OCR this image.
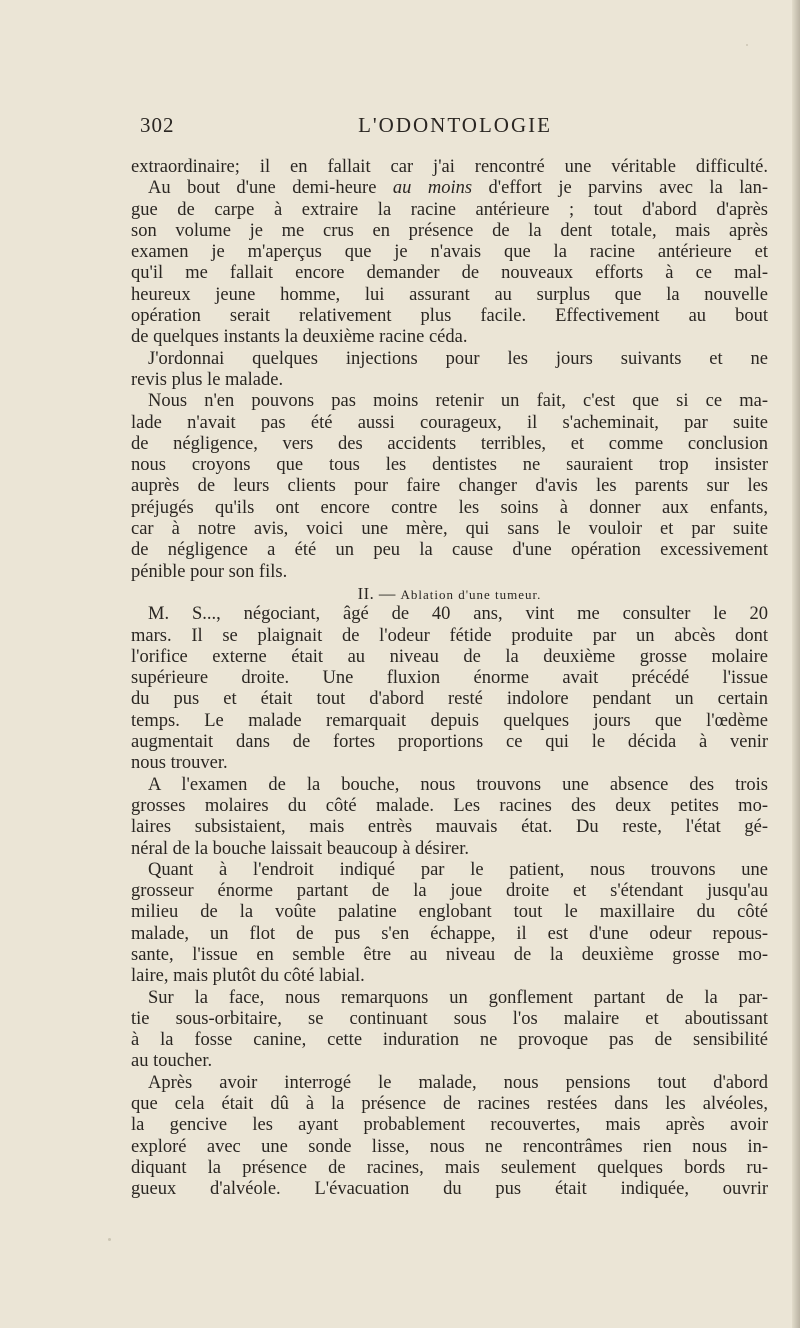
302	L'ODONTOLOGIE
extraordinaire; il en fallait car j'ai rencontré une véritable difficulté.
Au bout d'une demi-heure au moins d'effort je parvins avec la lan-
gue de carpe à extraire la racine antérieure ; tout d'abord d'après
son volume je me crus en présence de la dent totale, mais après
examen je m'aperçus que je n'avais que la racine antérieure et
qu'il me fallait encore demander de nouveaux efforts à ce mal-
heureux jeune homme, lui assurant au surplus que la nouvelle
opération serait relativement plus facile. Effectivement au bout
de quelques instants la deuxième racine céda.
J'ordonnai quelques injections pour les jours suivants et ne
revis plus le malade.
Nous n'en pouvons pas moins retenir un fait, c'est que si ce ma-
lade n'avait pas été aussi courageux, il s'acheminait, par suite
de négligence, vers des accidents terribles, et comme conclusion
nous croyons que tous les dentistes ne sauraient trop insister
auprès de leurs clients pour faire changer d'avis les parents sur les
préjugés qu'ils ont encore contre les soins à donner aux enfants,
car à notre avis, voici une mère, qui sans le vouloir et par suite
de négligence a été un peu la cause d'une opération excessivement
pénible pour son fils.
II. — Ablation d'une tumeur.
M. S..., négociant, âgé de 40 ans, vint me consulter le 20
mars. Il se plaignait de l'odeur fétide produite par un abcès dont
l'orifice externe était au niveau de la deuxième grosse molaire
supérieure droite. Une fluxion énorme avait précédé l'issue
du pus et était tout d'abord resté indolore pendant un certain
temps. Le malade remarquait depuis quelques jours que l'œdème
augmentait dans de fortes proportions ce qui le décida à venir
nous trouver.
A l'examen de la bouche, nous trouvons une absence des trois
grosses molaires du côté malade. Les racines des deux petites mo-
laires subsistaient, mais entrès mauvais état. Du reste, l'état gé-
néral de la bouche laissait beaucoup à désirer.
Quant à l'endroit indiqué par le patient, nous trouvons une
grosseur énorme partant de la joue droite et s'étendant jusqu'au
milieu de la voûte palatine englobant tout le maxillaire du côté
malade, un flot de pus s'en échappe, il est d'une odeur repous-
sante, l'issue en semble être au niveau de la deuxième grosse mo-
laire, mais plutôt du côté labial.
Sur la face, nous remarquons un gonflement partant de la par-
tie sous-orbitaire, se continuant sous l'os malaire et aboutissant
à la fosse canine, cette induration ne provoque pas de sensibilité
au toucher.
Après avoir interrogé le malade, nous pensions tout d'abord
que cela était dû à la présence de racines restées dans les alvéoles,
la gencive les ayant probablement recouvertes, mais après avoir
exploré avec une sonde lisse, nous ne rencontrâmes rien nous in-
diquant la présence de racines, mais seulement quelques bords ru-
gueux d'alvéole. L'évacuation du pus était indiquée, ouvrir
